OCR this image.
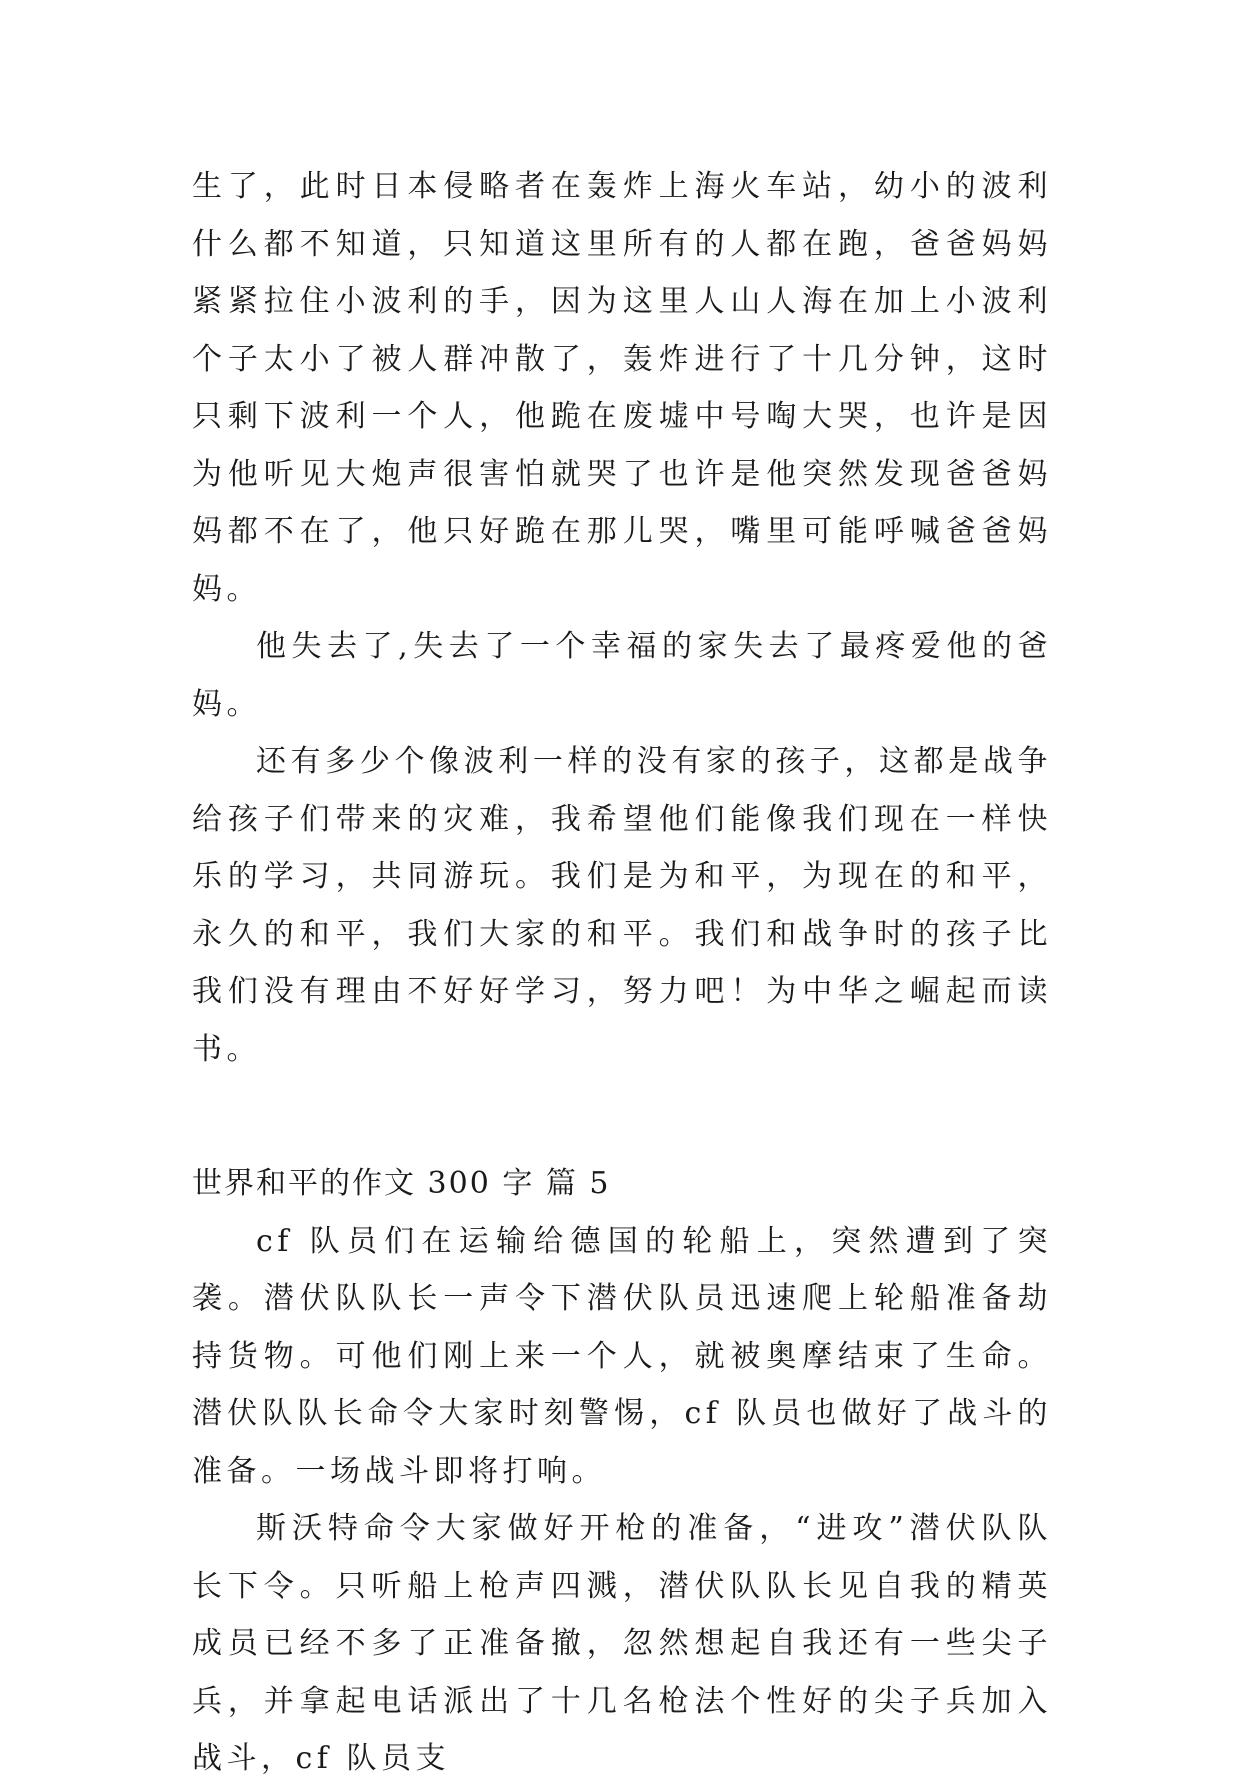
生了，此时日本侵略者在轰炸上海火车站，幼小的波利什么都不知道，只知道这里所有的人都在跑，爸爸妈妈紧紧拉住小波利的手，因为这里人山人海在加上小波利个子太小了被人群冲散了，轰炸进行了十几分钟，这时只剩下波利一个人，他跪在废墟中号啕大哭，也许是因为他听见大炮声很害怕就哭了也许是他突然发现爸爸妈妈都不在了，他只好跪在那儿哭，嘴里可能呼喊爸爸妈妈。

他失去了,失去了一个幸福的家失去了最疼爱他的爸妈。

还有多少个像波利一样的没有家的孩子，这都是战争给孩子们带来的灾难，我希望他们能像我们现在一样快乐的学习，共同游玩。我们是为和平，为现在的和平，永久的和平，我们大家的和平。我们和战争时的孩子比我们没有理由不好好学习，努力吧！为中华之崛起而读书。

世界和平的作文 300 字 篇 5

cf 队员们在运输给德国的轮船上，突然遭到了突袭。潜伏队队长一声令下潜伏队员迅速爬上轮船准备劫持货物。可他们刚上来一个人，就被奥摩结束了生命。潜伏队队长命令大家时刻警惕，cf 队员也做好了战斗的准备。一场战斗即将打响。

斯沃特命令大家做好开枪的准备，“进攻”潜伏队队长下令。只听船上枪声四溅，潜伏队队长见自我的精英成员已经不多了正准备撤，忽然想起自我还有一些尖子兵，并拿起电话派出了十几名枪法个性好的尖子兵加入战斗，cf 队员支
